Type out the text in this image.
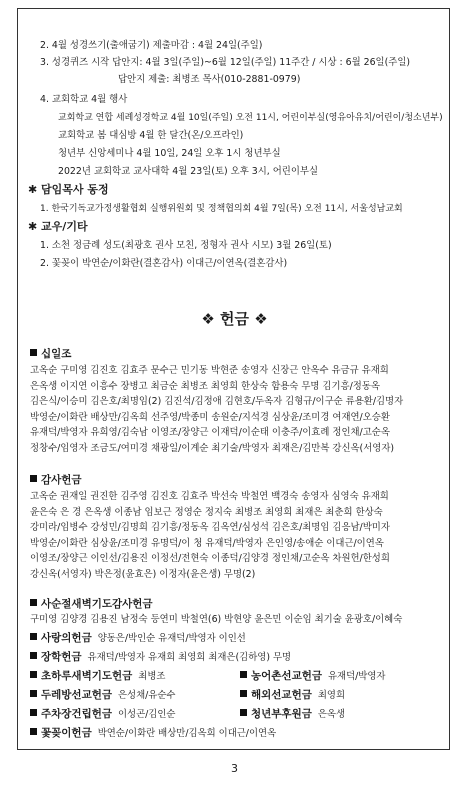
2. 4월 성경쓰기(출애굽기) 제출마감 : 4월 24일(주일)
3. 성경퀴즈 시작 답안지: 4월 3일(주일)~6월 12일(주일) 11주간 / 시상 : 6월 26일(주일)
답안지 제출: 최병조 목사(010-2881-0979)
4. 교회학교 4월 행사
교회학교 연합 세례성경학교 4월 10일(주일) 오전 11시, 어린이부실(영유아유치/어린이/청소년부)
교회학교 봄 대심방 4월 한 달간(온/오프라인)
청년부 신앙세미나 4월 10일, 24일 오후 1시 청년부실
2022년 교회학교 교사대학 4월 23일(토) 오후 3시, 어린이부실
✱ 담임목사 동정
1. 한국기독교가정생활협회 실행위원회 및 정책협의회 4월 7일(목) 오전 11시, 서울성남교회
✱ 교우/기타
1. 소천 정금례 성도(최광호 권사 모친, 정형자 권사 시모) 3월 26일(토)
2. 꽃꽂이 박연순/이화란(결혼감사) 이대근/이연옥(결혼감사)
❖ 헌금 ❖
십일조
고옥순 구미영 김진호 김효주 문수근 민기동 박현준 송영자 신장근 안옥수 유금규 유재희
은옥생 이지연 이흥수 장병고 최금순 최병조 최영희 한상숙 함용숙 무명 김기흥/정동옥
김은식/이승미 김은호/최명임(2) 김진석/김정애 김현호/두옥자 김형규/이구순 류용환/김명자
박영순/이화란 배상만/김옥희 선주영/박종미 송원순/지석경 심상윤/조미경 여재연/오승환
유재덕/박영자 유희영/김숙남 이영조/장양근 이재덕/이순태 이충주/이효례 정인채/고순옥
정창수/임영자 조금도/여미경 채광일/이계순 최기술/박영자 최재은/김만복 강신옥(서영자)
감사헌금
고옥순 권재일 권진한 김주영 김진호 김효주 박선숙 박철연 백경숙 송영자 심영숙 유재희
윤은숙 은 경 은옥생 이종남 임보근 정영순 정지숙 최병조 최영희 최재은 최춘희 한상숙
강미라/임병수 강성민/김명희 김기흥/정동옥 김옥연/심성석 김은호/최명임 김응남/박미자
박영순/이화란 심상윤/조미경 유명덕/이 청 유재덕/박영자 은인영/송애순 이대근/이연옥
이영조/장양근 이인선/김용진 이정선/전현숙 이종덕/김양경 정인채/고순옥 차원헌/한성희
강신옥(서영자) 박은정(윤효은) 이정자(윤은생) 무명(2)
사순절새벽기도감사헌금
구미영 김양경 김용진 남정숙 등연미 박철연(6) 박현양 윤은민 이순임 최기술 윤광호/이혜숙
사랑의헌금 양동은/박인순 유재덕/박영자 이인선
장학헌금 유재덕/박영자 유재희 최영희 최재은(김하영) 무명
초하루새벽기도헌금 최병조	농어촌선교헌금 유재덕/박영자
두레방선교헌금 은성채/유순수	해외선교헌금 최영희
주차장건립헌금 이성곤/김인순	청년부후원금 은옥생
꽃꽂이헌금 박연순/이화란 배상만/김옥희 이대근/이연옥
3
